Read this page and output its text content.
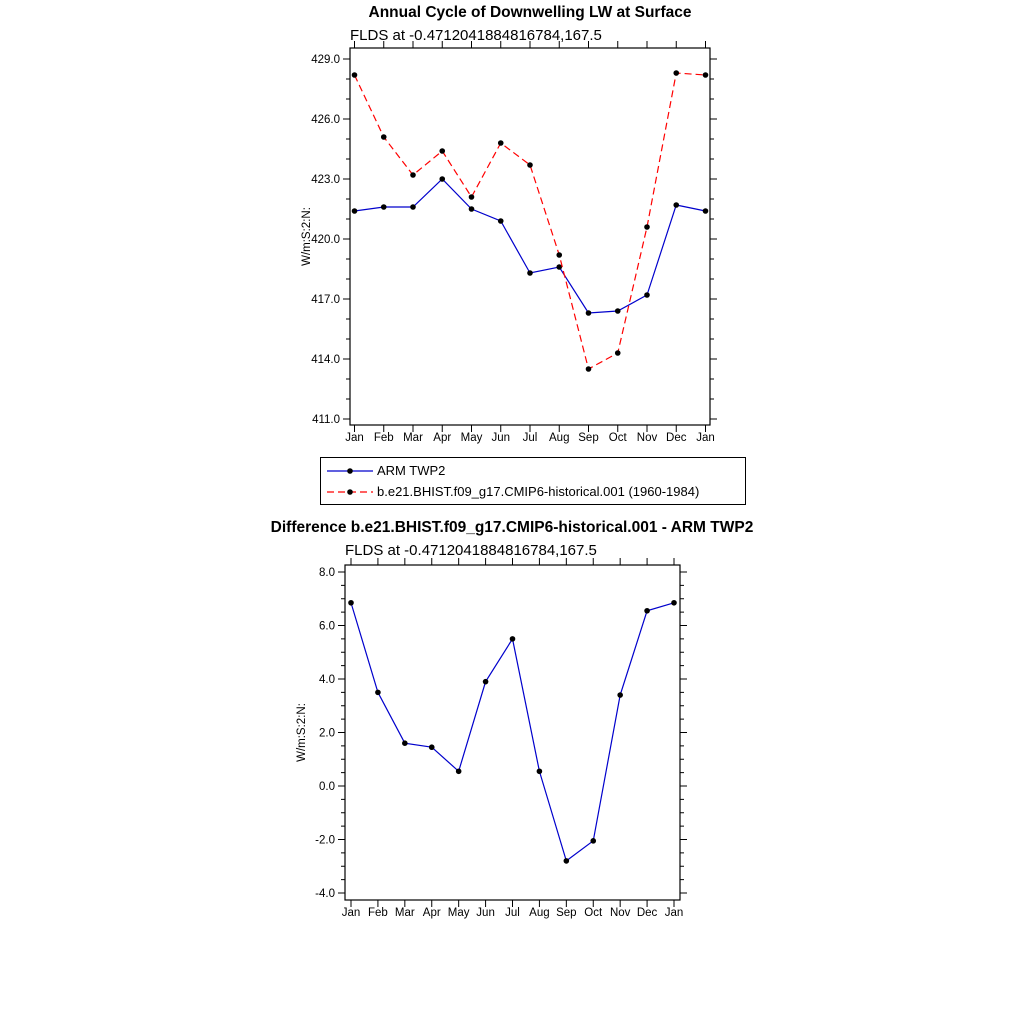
Annual Cycle of Downwelling LW at Surface
FLDS at -0.4712041884816784,167.5
411.0
414.0
417.0
420.0
423.0
426.0
429.0
Jan Feb Mar Apr May Jun Jul Aug Sep Oct Nov Dec Jan
W/m:S:2:N:
ARM TWP2
b.e21.BHIST.f09_g17.CMIP6-historical.001 (1960-1984)
Difference b.e21.BHIST.f09_g17.CMIP6-historical.001 - ARM TWP2
FLDS at -0.4712041884816784,167.5
-4.0
-2.0
0.0
2.0
4.0
6.0
8.0
Jan Feb Mar Apr May Jun Jul Aug Sep Oct Nov Dec Jan
W/m:S:2:N:
